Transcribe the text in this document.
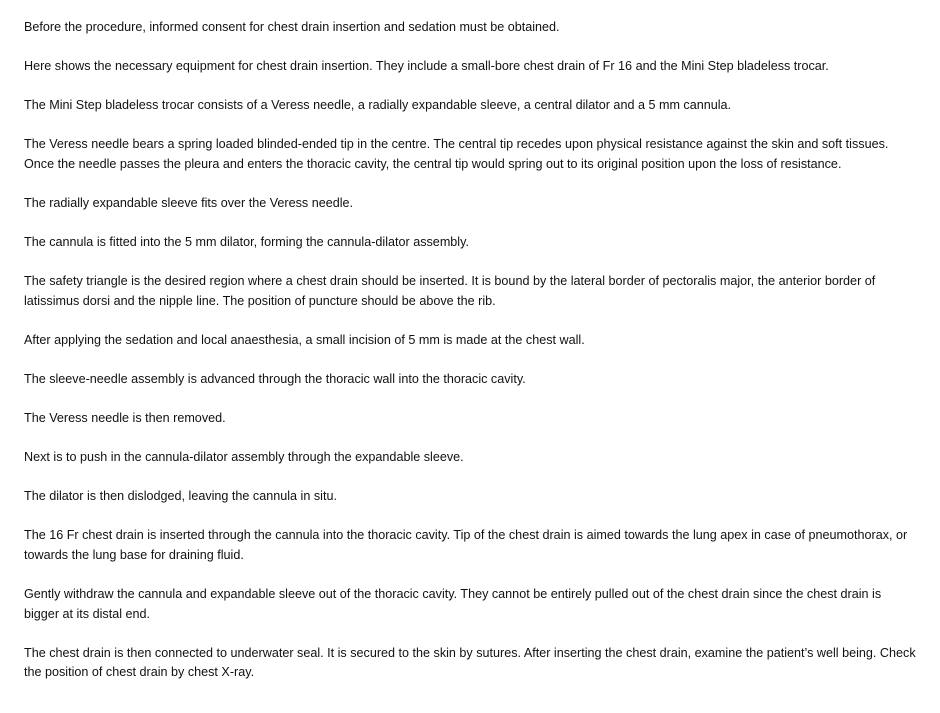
Before the procedure, informed consent for chest drain insertion and sedation must be obtained.

Here shows the necessary equipment for chest drain insertion. They include a small-bore chest drain of Fr 16 and the Mini Step bladeless trocar.

The Mini Step bladeless trocar consists of a Veress needle, a radially expandable sleeve, a central dilator and a 5 mm cannula.

The Veress needle bears a spring loaded blinded-ended tip in the centre. The central tip recedes upon physical resistance against the skin and soft tissues. Once the needle passes the pleura and enters the thoracic cavity, the central tip would spring out to its original position upon the loss of resistance.

The radially expandable sleeve fits over the Veress needle.

The cannula is fitted into the 5 mm dilator, forming the cannula-dilator assembly.

The safety triangle is the desired region where a chest drain should be inserted. It is bound by the lateral border of pectoralis major, the anterior border of latissimus dorsi and the nipple line. The position of puncture should be above the rib.

After applying the sedation and local anaesthesia, a small incision of 5 mm is made at the chest wall.

The sleeve-needle assembly is advanced through the thoracic wall into the thoracic cavity.

The Veress needle is then removed.

Next is to push in the cannula-dilator assembly through the expandable sleeve.

The dilator is then dislodged, leaving the cannula in situ.

The 16 Fr chest drain is inserted through the cannula into the thoracic cavity. Tip of the chest drain is aimed towards the lung apex in case of pneumothorax, or towards the lung base for draining fluid.

Gently withdraw the cannula and expandable sleeve out of the thoracic cavity. They cannot be entirely pulled out of the chest drain since the chest drain is bigger at its distal end.

The chest drain is then connected to underwater seal. It is secured to the skin by sutures. After inserting the chest drain, examine the patient’s well being. Check the position of chest drain by chest X-ray.
